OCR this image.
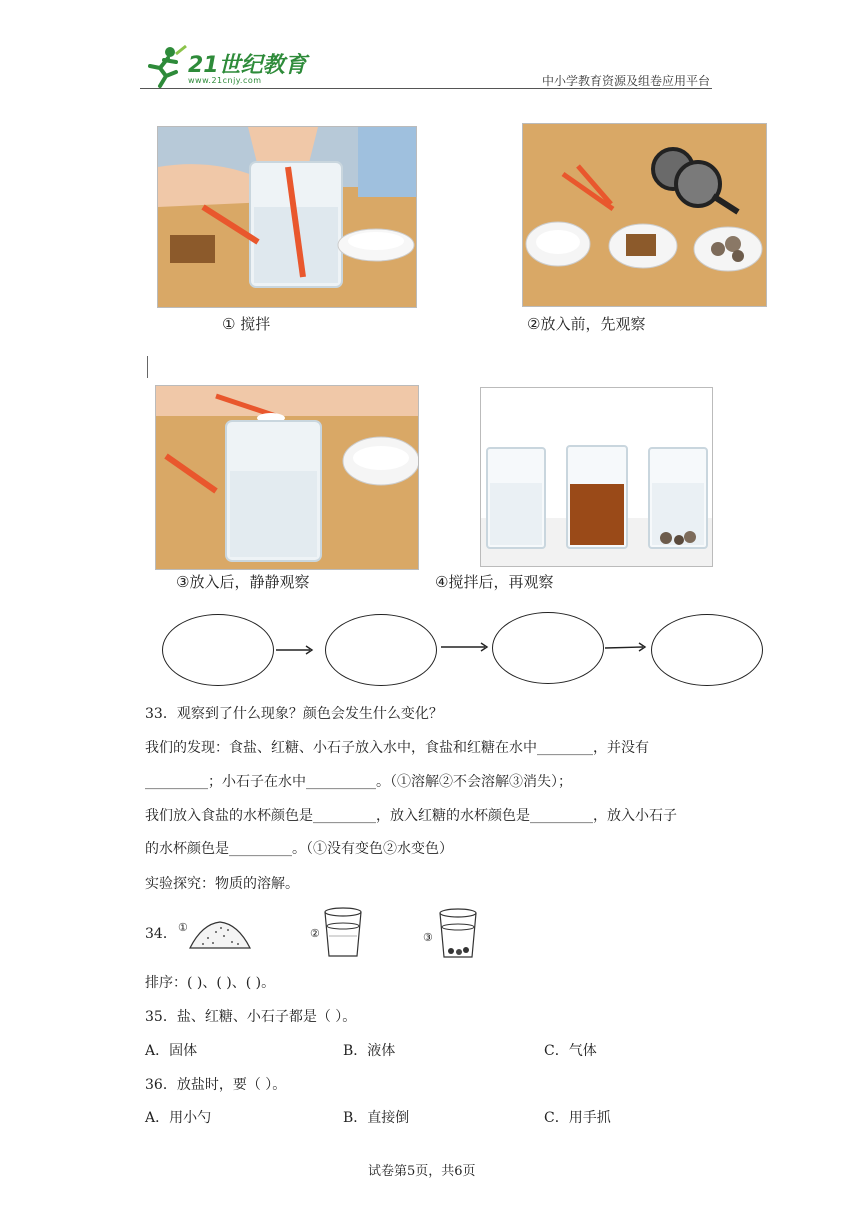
21世纪教育
www.21cnjy.com	中小学教育资源及组卷应用平台
① 搅拌	②放入前，先观察
③放入后，静静观察	④搅拌后，再观察
33．观察到了什么现象？颜色会发生什么变化？
我们的发现：食盐、红糖、小石子放入水中，食盐和红糖在水中________，并没有
_________；小石子在水中__________。（①溶解②不会溶解③消失）；
我们放入食盐的水杯颜色是_________，放入红糖的水杯颜色是_________，放入小石子
的水杯颜色是_________。（①没有变色②水变色）
实验探究：物质的溶解。
34． ①	②	③
排序：( )、( )、( )。
35．盐、红糖、小石子都是（ ）。
A．固体	B．液体	C．气体
36．放盐时，要（ ）。
A．用小勺	B．直接倒	C．用手抓
试卷第5页，共6页
